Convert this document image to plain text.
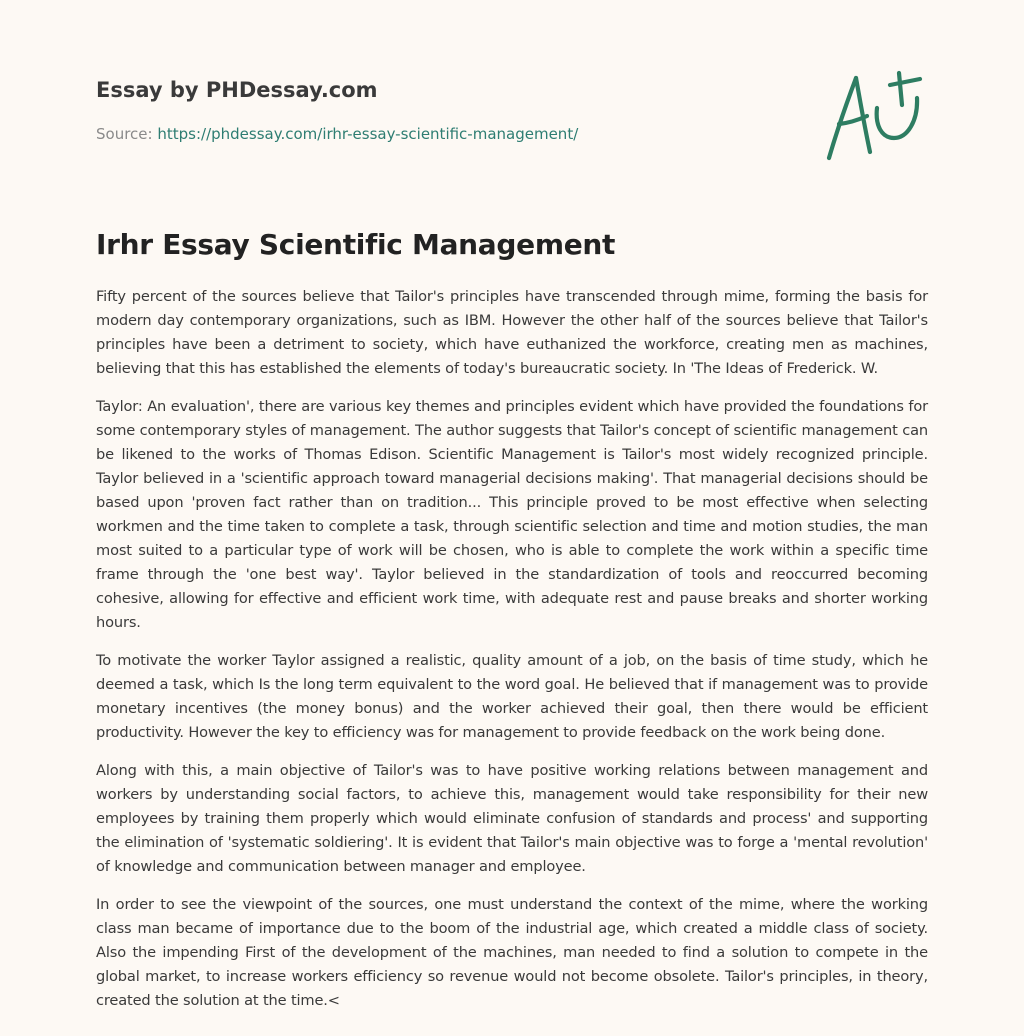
Essay by PHDessay.com
Source: https://phdessay.com/irhr-essay-scientific-management/
Irhr Essay Scientific Management

Fifty percent of the sources believe that Tailor's principles have transcended through mime, forming the basis for modern day contemporary organizations, such as IBM. However the other half of the sources believe that Tailor's principles have been a detriment to society, which have euthanized the workforce, creating men as machines, believing that this has established the elements of today's bureaucratic society. In 'The Ideas of Frederick. W.

Taylor: An evaluation', there are various key themes and principles evident which have provided the foundations for some contemporary styles of management. The author suggests that Tailor's concept of scientific management can be likened to the works of Thomas Edison. Scientific Management is Tailor's most widely recognized principle. Taylor believed in a 'scientific approach toward managerial decisions making'. That managerial decisions should be based upon 'proven fact rather than on tradition... This principle proved to be most effective when selecting workmen and the time taken to complete a task, through scientific selection and time and motion studies, the man most suited to a particular type of work will be chosen, who is able to complete the work within a specific time frame through the 'one best way'. Taylor believed in the standardization of tools and reoccurred becoming cohesive, allowing for effective and efficient work time, with adequate rest and pause breaks and shorter working hours.

To motivate the worker Taylor assigned a realistic, quality amount of a job, on the basis of time study, which he deemed a task, which Is the long term equivalent to the word goal. He believed that if management was to provide monetary incentives (the money bonus) and the worker achieved their goal, then there would be efficient productivity. However the key to efficiency was for management to provide feedback on the work being done.

Along with this, a main objective of Tailor's was to have positive working relations between management and workers by understanding social factors, to achieve this, management would take responsibility for their new employees by training them properly which would eliminate confusion of standards and process' and supporting the elimination of 'systematic soldiering'. It is evident that Tailor's main objective was to forge a 'mental revolution' of knowledge and communication between manager and employee.

In order to see the viewpoint of the sources, one must understand the context of the mime, where the working class man became of importance due to the boom of the industrial age, which created a middle class of society. Also the impending First of the development of the machines, man needed to find a solution to compete in the global market, to increase workers efficiency so revenue would not become obsolete. Tailor's principles, in theory, created the solution at the time.<
